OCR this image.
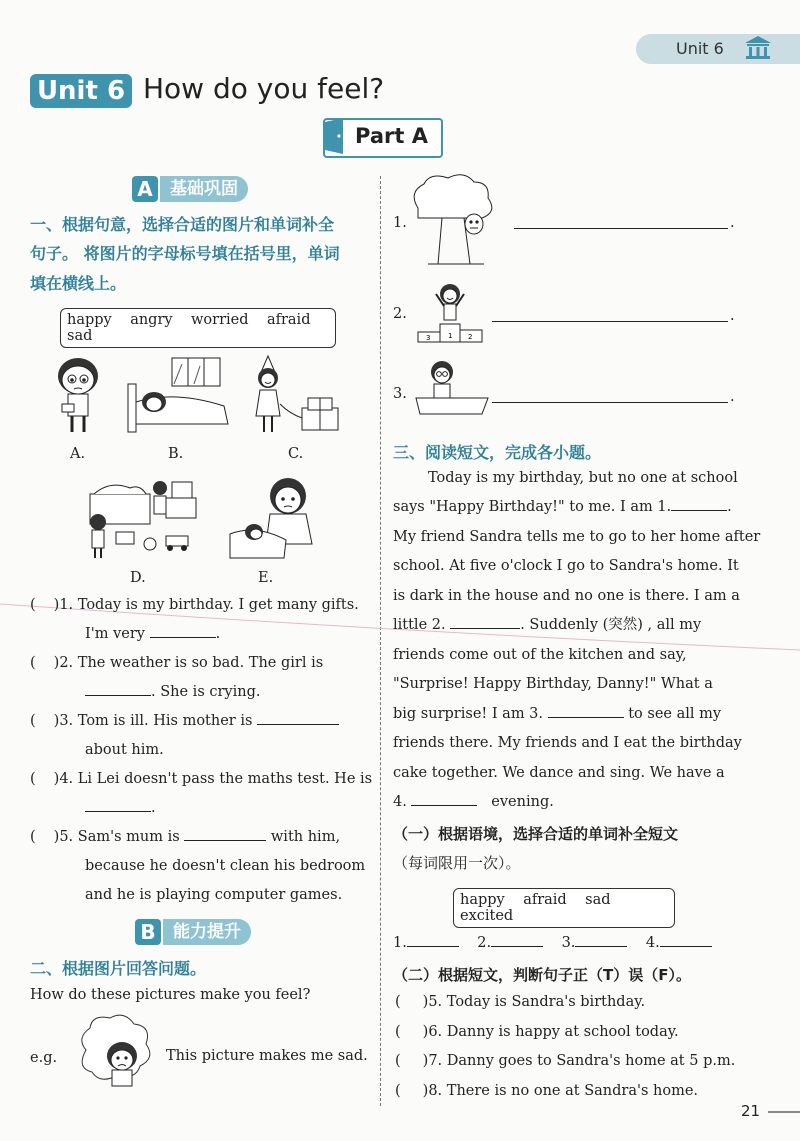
Unit 6
Unit 6 How do you feel?
Part A
A	基础巩固
一、根据句意，选择合适的图片和单词补全
句子。 将图片的字母标号填在括号里，单词
填在横线上。
happy angry worried afraid    sad
A.	B.	C.
D.	E.
( )1. Today is my birthday. I get many gifts.
I'm very	.
( )2. The weather is so bad. The girl is
. She is crying.
( )3. Tom is ill. His mother is
about him.
( )4. Li Lei doesn't pass the maths test. He is
.
( )5. Sam's mum is	with him,
because he doesn't clean his bedroom
and he is playing computer games.
B	能力提升
二、根据图片回答问题。
How do these pictures make you feel?
e.g.	This picture makes me sad.
1.	.
1
3	2
2.	.
3.	.
三、阅读短文，完成各小题。
Today is my birthday, but no one at school
says "Happy Birthday!" to me. I am 1.	.
My friend Sandra tells me to go to her home after
school. At five o'clock I go to Sandra's home. It
is dark in the house and no one is there. I am a
little 2.	. Suddenly (突然) , all my
friends come out of the kitchen and say,
"Surprise! Happy Birthday, Danny!" What a
big surprise! I am 3.	to see all my
friends there. My friends and I eat the birthday
cake together. We dance and sing. We have a
4.	evening.
（一）根据语境，选择合适的单词补全短文
（每词限用一次）。
happy afraid sad    excited
1.	2.	3.	4.
（二）根据短文，判断句子正（T）误（F）。
( )5. Today is Sandra's birthday.
( )6. Danny is happy at school today.
( )7. Danny goes to Sandra's home at 5 p.m.
( )8. There is no one at Sandra's home.
21
